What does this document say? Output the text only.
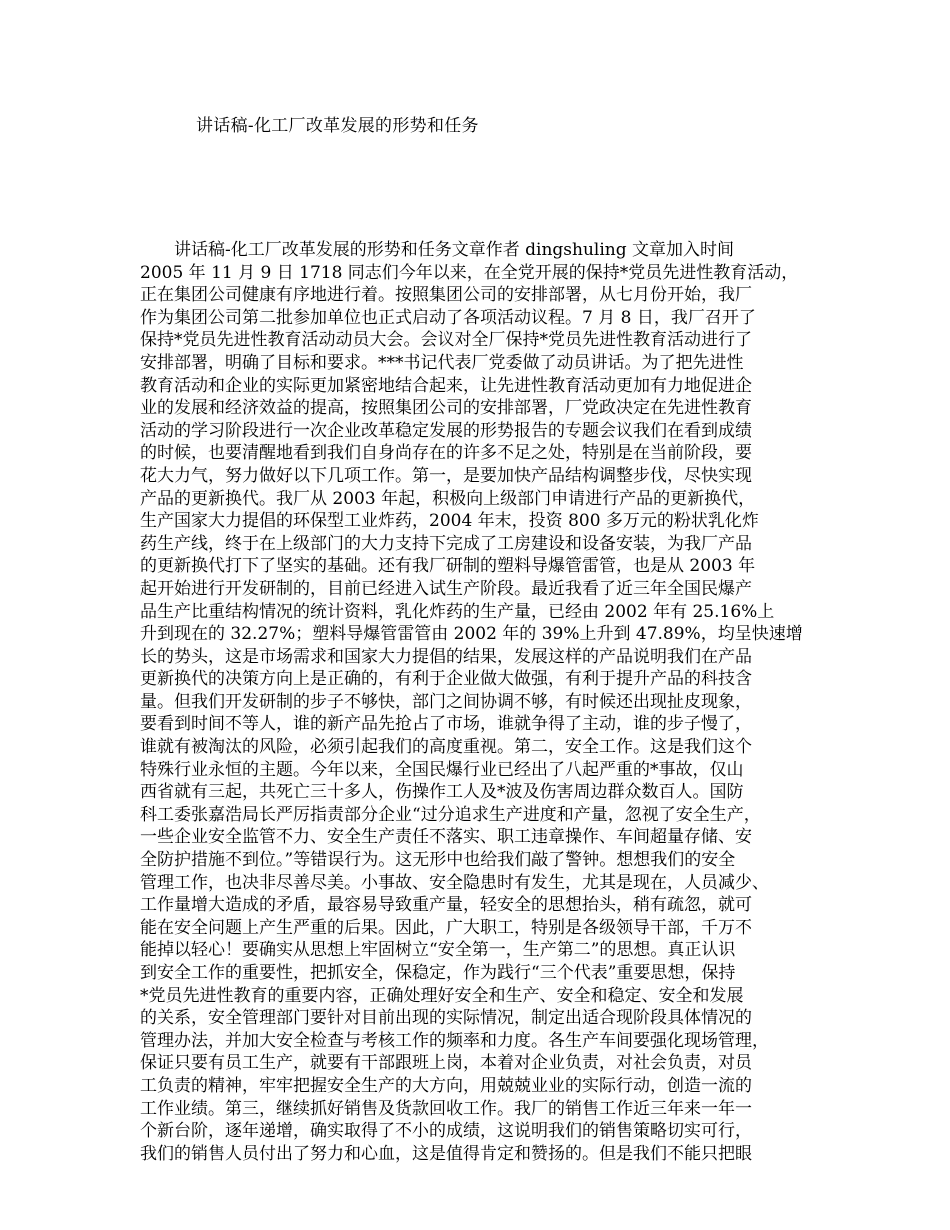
讲话稿-化工厂改革发展的形势和任务
　　讲话稿-化工厂改革发展的形势和任务文章作者 dingshuling 文章加入时间
2005 年 11 月 9 日 1718 同志们今年以来，在全党开展的保持*党员先进性教育活动，
正在集团公司健康有序地进行着。按照集团公司的安排部署，从七月份开始，我厂
作为集团公司第二批参加单位也正式启动了各项活动议程。7 月 8 日，我厂召开了
保持*党员先进性教育活动动员大会。会议对全厂保持*党员先进性教育活动进行了
安排部署，明确了目标和要求。***书记代表厂党委做了动员讲话。为了把先进性
教育活动和企业的实际更加紧密地结合起来，让先进性教育活动更加有力地促进企
业的发展和经济效益的提高，按照集团公司的安排部署，厂党政决定在先进性教育
活动的学习阶段进行一次企业改革稳定发展的形势报告的专题会议我们在看到成绩
的时候，也要清醒地看到我们自身尚存在的许多不足之处，特别是在当前阶段，要
花大力气，努力做好以下几项工作。第一，是要加快产品结构调整步伐，尽快实现
产品的更新换代。我厂从 2003 年起，积极向上级部门申请进行产品的更新换代，
生产国家大力提倡的环保型工业炸药，2004 年末，投资 800 多万元的粉状乳化炸
药生产线，终于在上级部门的大力支持下完成了工房建设和设备安装，为我厂产品
的更新换代打下了坚实的基础。还有我厂研制的塑料导爆管雷管，也是从 2003 年
起开始进行开发研制的，目前已经进入试生产阶段。最近我看了近三年全国民爆产
品生产比重结构情况的统计资料，乳化炸药的生产量，已经由 2002 年有 25.16%上
升到现在的 32.27%；塑料导爆管雷管由 2002 年的 39%上升到 47.89%，均呈快速增
长的势头，这是市场需求和国家大力提倡的结果，发展这样的产品说明我们在产品
更新换代的决策方向上是正确的，有利于企业做大做强，有利于提升产品的科技含
量。但我们开发研制的步子不够快，部门之间协调不够，有时候还出现扯皮现象，
要看到时间不等人，谁的新产品先抢占了市场，谁就争得了主动，谁的步子慢了，
谁就有被淘汰的风险，必须引起我们的高度重视。第二，安全工作。这是我们这个
特殊行业永恒的主题。今年以来，全国民爆行业已经出了八起严重的*事故，仅山
西省就有三起，共死亡三十多人，伤操作工人及*波及伤害周边群众数百人。国防
科工委张嘉浩局长严厉指责部分企业“过分追求生产进度和产量，忽视了安全生产，
一些企业安全监管不力、安全生产责任不落实、职工违章操作、车间超量存储、安
全防护措施不到位。”等错误行为。这无形中也给我们敲了警钟。想想我们的安全
管理工作，也决非尽善尽美。小事故、安全隐患时有发生，尤其是现在，人员减少、
工作量增大造成的矛盾，最容易导致重产量，轻安全的思想抬头，稍有疏忽，就可
能在安全问题上产生严重的后果。因此，广大职工，特别是各级领导干部，千万不
能掉以轻心！要确实从思想上牢固树立“安全第一，生产第二”的思想。真正认识
到安全工作的重要性，把抓安全，保稳定，作为践行“三个代表”重要思想，保持
*党员先进性教育的重要内容，正确处理好安全和生产、安全和稳定、安全和发展
的关系，安全管理部门要针对目前出现的实际情况，制定出适合现阶段具体情况的
管理办法，并加大安全检查与考核工作的频率和力度。各生产车间要强化现场管理，
保证只要有员工生产，就要有干部跟班上岗，本着对企业负责，对社会负责，对员
工负责的精神，牢牢把握安全生产的大方向，用兢兢业业的实际行动，创造一流的
工作业绩。第三，继续抓好销售及货款回收工作。我厂的销售工作近三年来一年一
个新台阶，逐年递增，确实取得了不小的成绩，这说明我们的销售策略切实可行，
我们的销售人员付出了努力和心血，这是值得肯定和赞扬的。但是我们不能只把眼
